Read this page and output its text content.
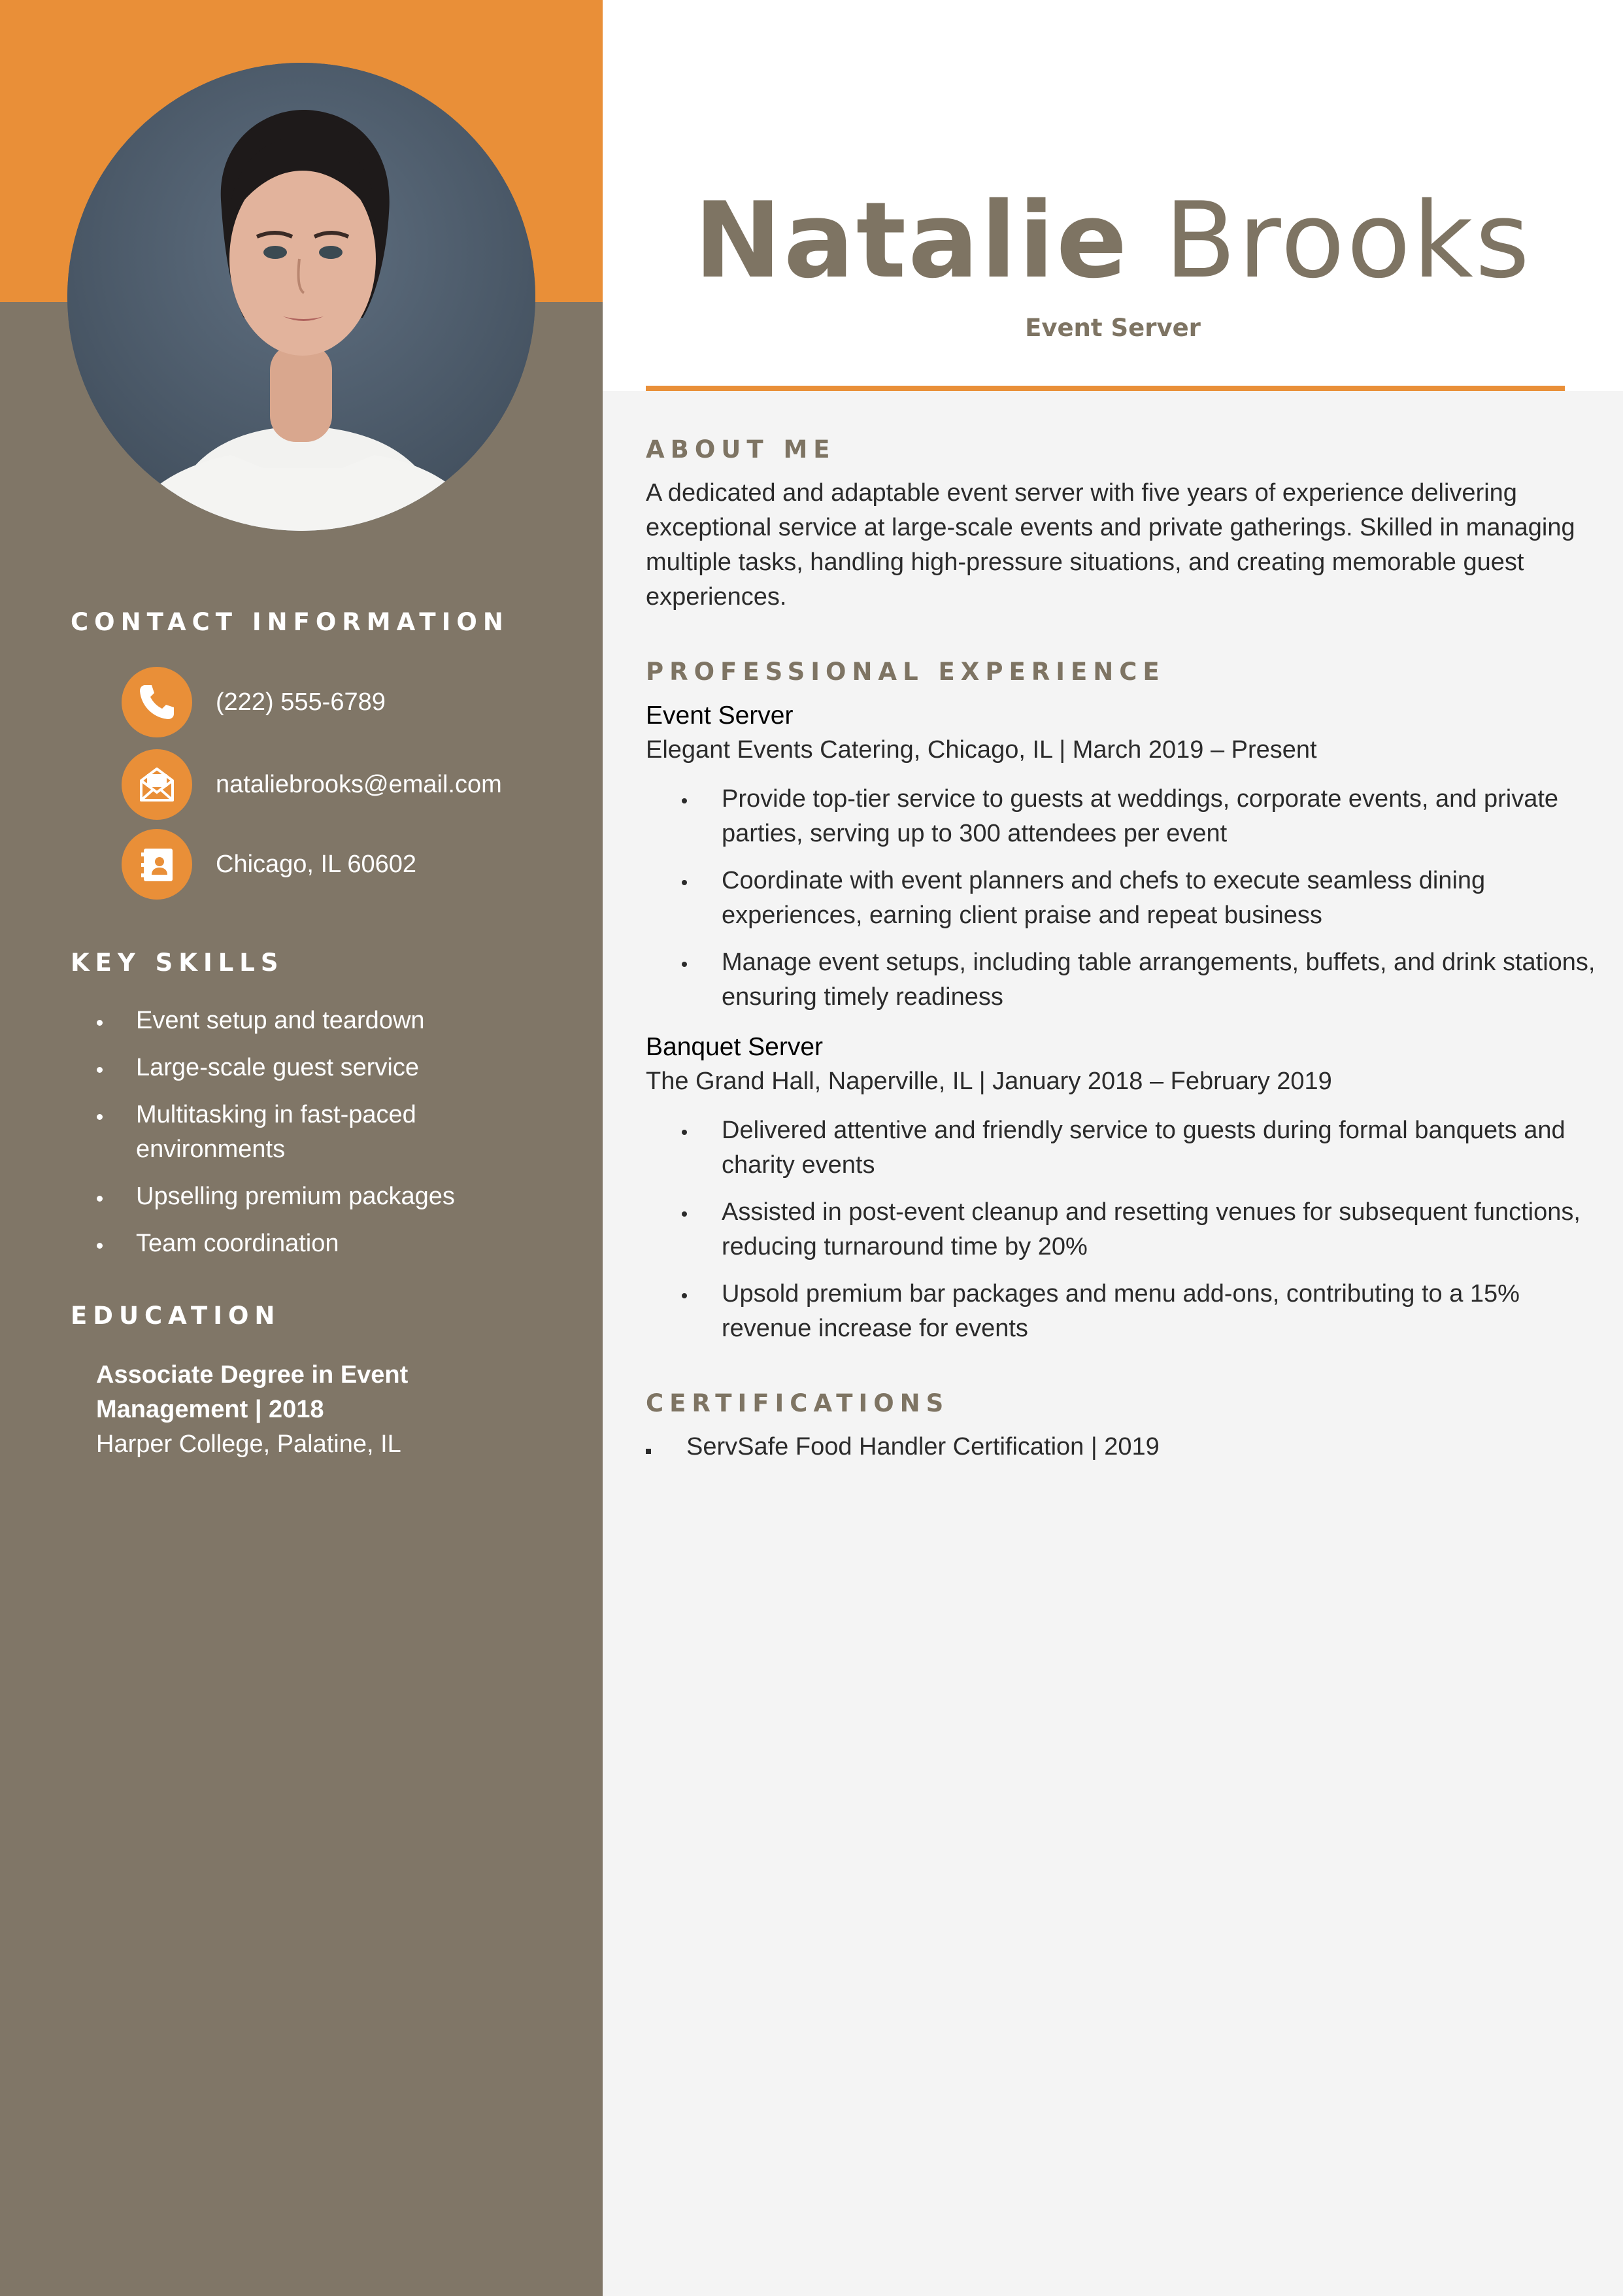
CONTACT INFORMATION
(222) 555-6789
nataliebrooks@email.com
Chicago, IL 60602
KEY SKILLS
Event setup and teardown
Large-scale guest service
Multitasking in fast-paced environments
Upselling premium packages
Team coordination
EDUCATION
Associate Degree in Event Management | 2018
Harper College, Palatine, IL
Natalie Brooks
Event Server
ABOUT ME
A dedicated and adaptable event server with five years of experience delivering exceptional service at large-scale events and private gatherings. Skilled in managing multiple tasks, handling high-pressure situations, and creating memorable guest experiences.
PROFESSIONAL EXPERIENCE
Event Server
Elegant Events Catering, Chicago, IL | March 2019 – Present
Provide top-tier service to guests at weddings, corporate events, and private parties, serving up to 300 attendees per event
Coordinate with event planners and chefs to execute seamless dining experiences, earning client praise and repeat business
Manage event setups, including table arrangements, buffets, and drink stations, ensuring timely readiness
Banquet Server
The Grand Hall, Naperville, IL | January 2018 – February 2019
Delivered attentive and friendly service to guests during formal banquets and charity events
Assisted in post-event cleanup and resetting venues for subsequent functions, reducing turnaround time by 20%
Upsold premium bar packages and menu add-ons, contributing to a 15% revenue increase for events
CERTIFICATIONS
ServSafe Food Handler Certification | 2019
